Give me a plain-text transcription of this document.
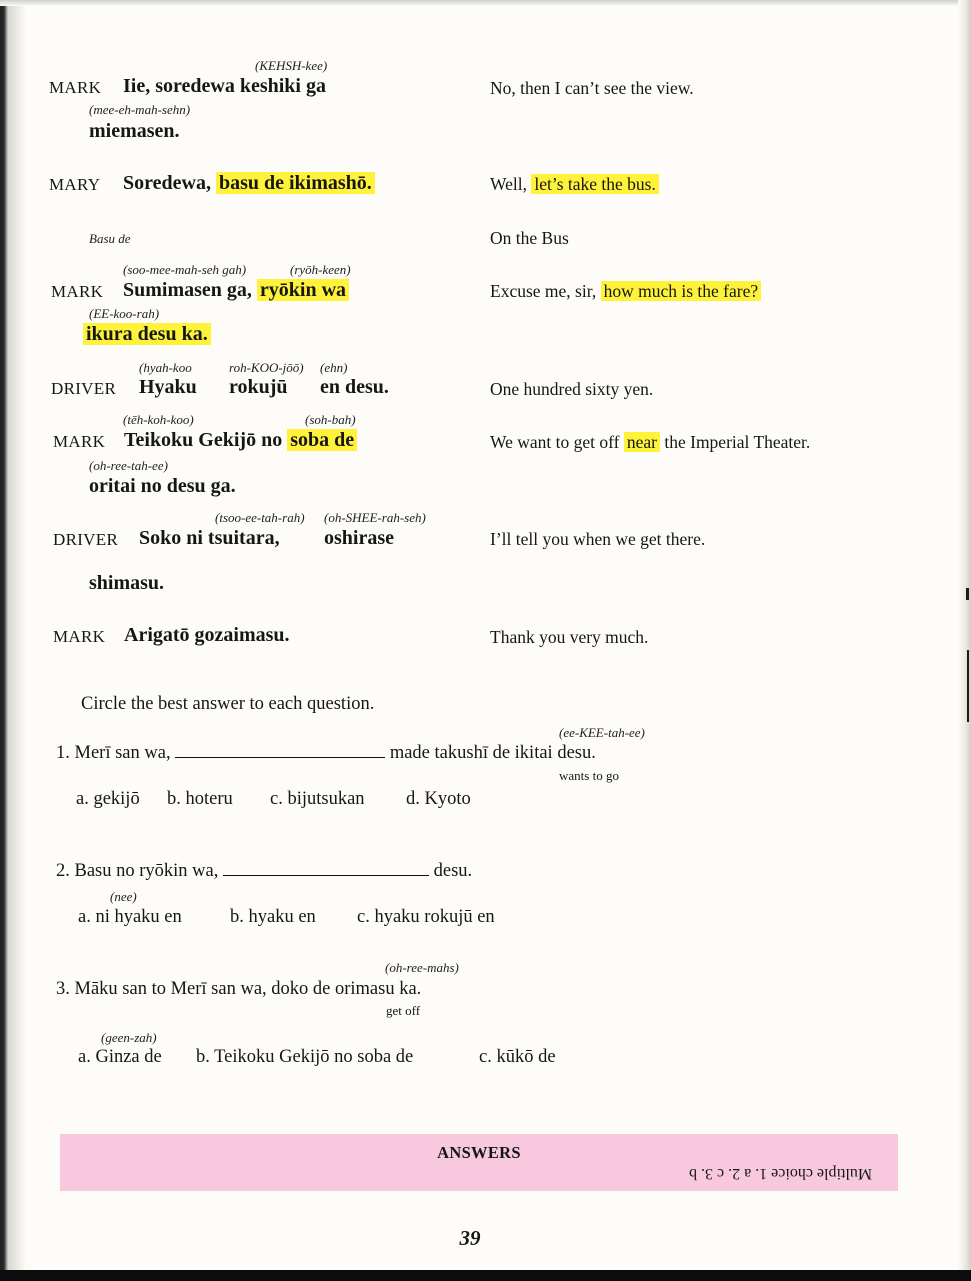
(KEHSH-kee)
MARK Iie, soredewa keshiki ga
(mee-eh-mah-sehn)
miemasen.
No, then I can’t see the view.
MARY Soredewa, basu de ikimashō.	Well, let’s take the bus.
Basu de	On the Bus
(soo-mee-mah-seh gah)	(ryōh-keen)
MARK Sumimasen ga, ryōkin wa
(EE-koo-rah)
ikura desu ka.
Excuse me, sir, how much is the fare?
(hyah-koo	roh-KOO-jōō) (ehn)
DRIVER Hyaku rokujū en desu.	One hundred sixty yen.
(tēh-koh-koo)	(soh-bah)
MARK Teikoku Gekijō no soba de
(oh-ree-tah-ee)
oritai no desu ga.
We want to get off near the Imperial Theater.
(tsoo-ee-tah-rah) (oh-SHEE-rah-seh)
DRIVER Soko ni tsuitara, oshirase
shimasu.
I’ll tell you when we get there.
MARK Arigatō gozaimasu.	Thank you very much.
Circle the best answer to each question.
(ee-KEE-tah-ee)
1. Merī san wa,	made takushī de ikitai desu.
wants to go
a. gekijō b. hoteru c. bijutsukan d. Kyoto
2. Basu no ryōkin wa,	desu.
(nee)
a. ni hyaku en	b. hyaku en c. hyaku rokujū en
(oh-ree-mahs)
3. Māku san to Merī san wa, doko de orimasu ka.
get off
(geen-zah)
a. Ginza de b. Teikoku Gekijō no soba de	c. kūkō de
ANSWERS
Multiple choice 1. a 2. c 3. b
39
